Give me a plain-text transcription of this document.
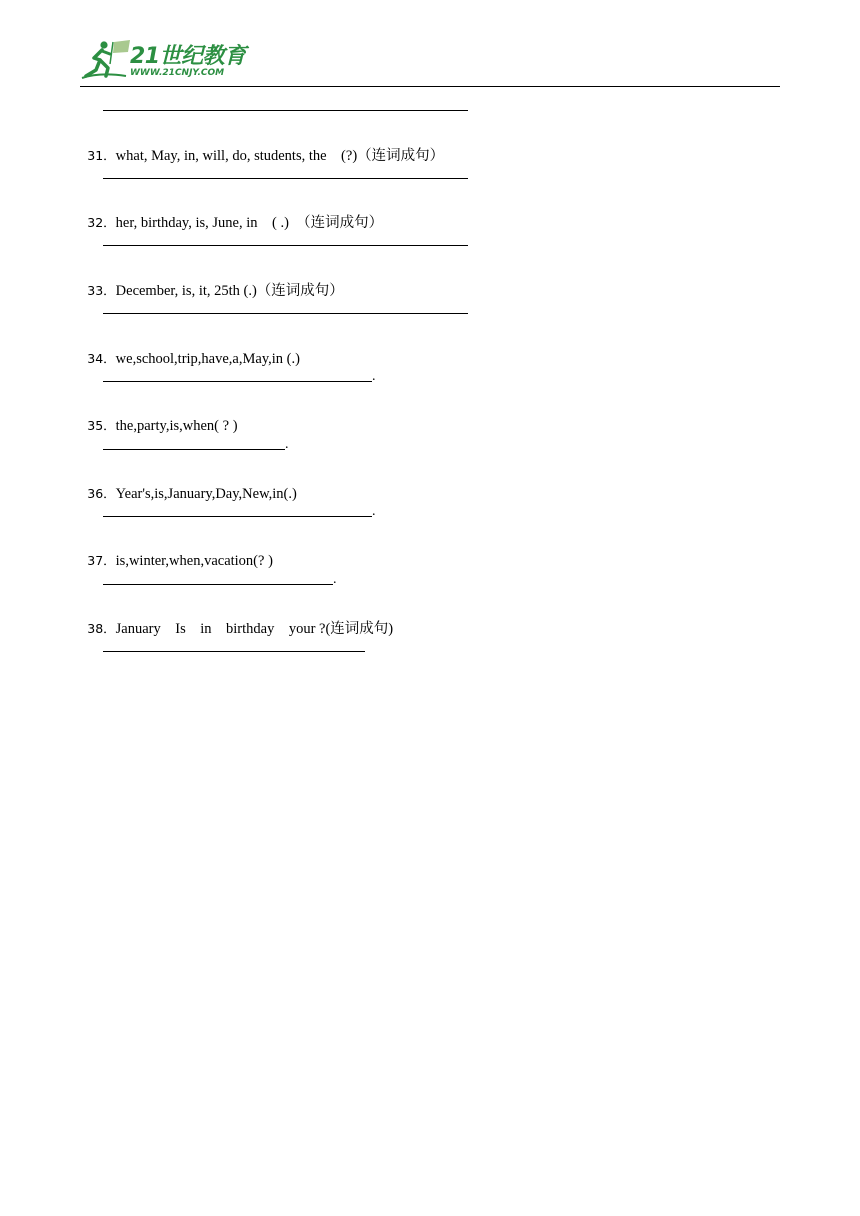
21世纪教育
WWW.21CNJY.COM

31．what, May, in, will, do, students, the    (?)（连词成句）

32．her, birthday, is, June, in    ( .)  （连词成句）

33．December, is, it, 25th (.)（连词成句）

34．we,school,trip,have,a,May,in (.)

.

35．the,party,is,when( ? )

.

36．Year's,is,January,Day,New,in(.)

.

37．is,winter,when,vacation(? )

.

38．January    Is    in    birthday    your ?(连词成句)
